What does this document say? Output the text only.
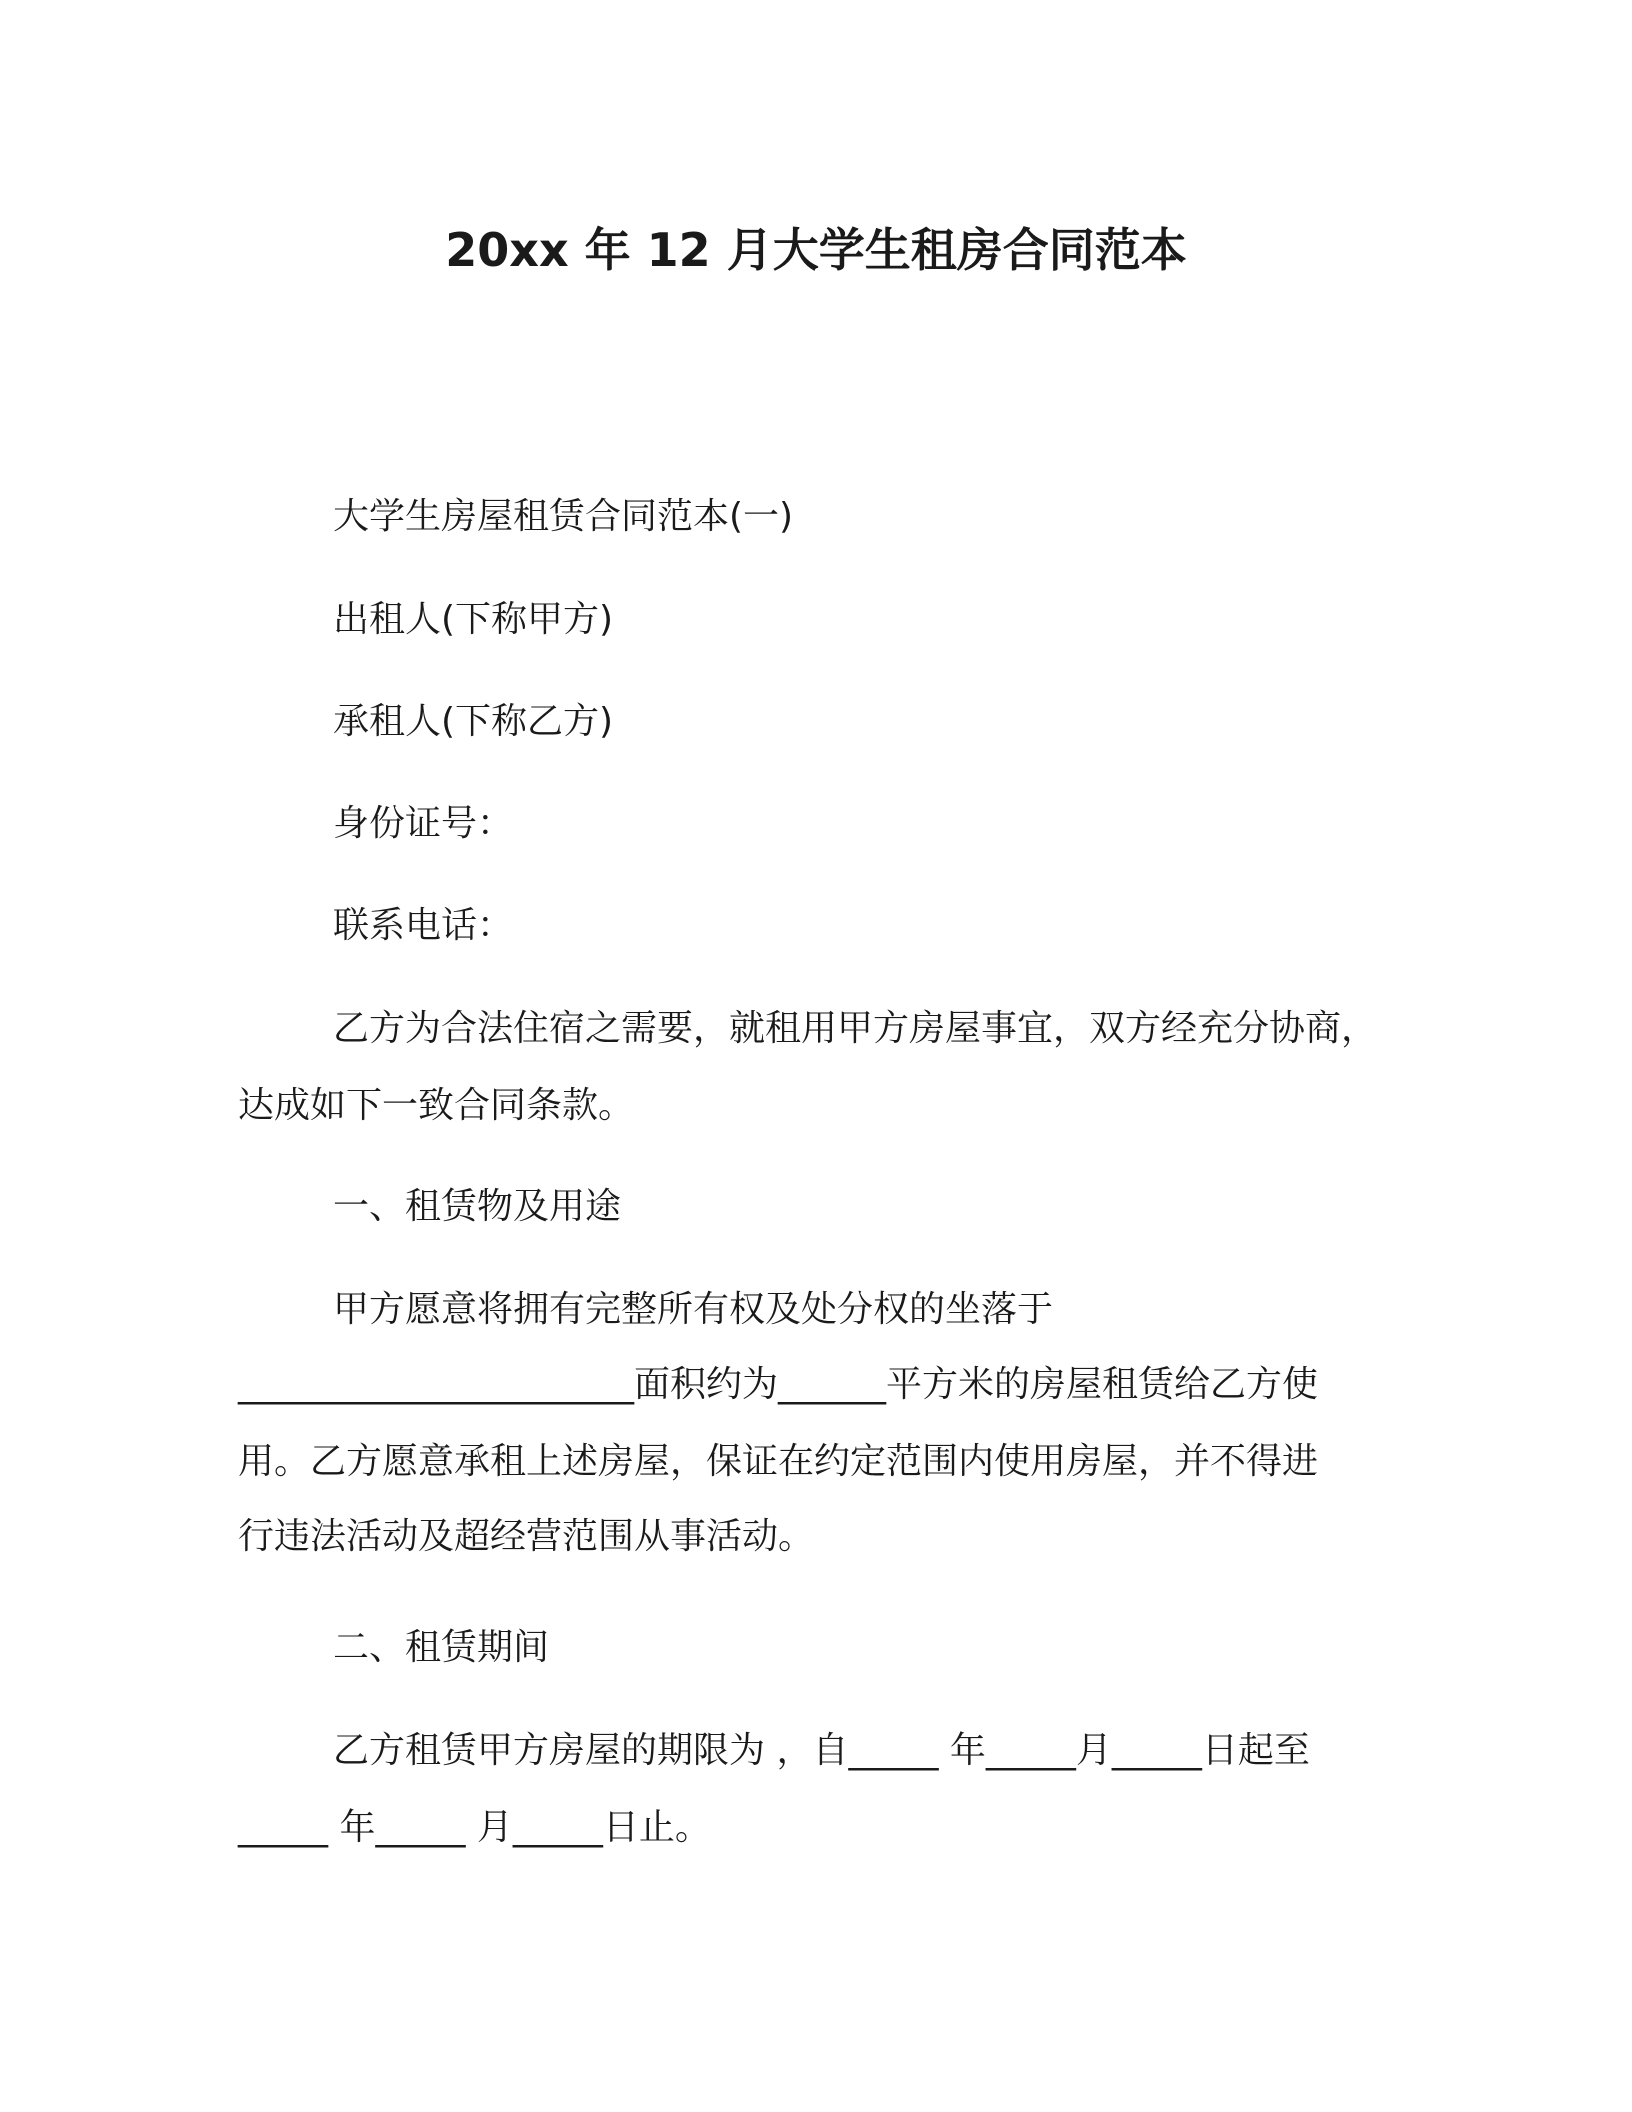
20xx 年 12 月大学生租房合同范本
大学生房屋租赁合同范本(一)
出租人(下称甲方)
承租人(下称乙方)
身份证号：
联系电话：
乙方为合法住宿之需要，就租用甲方房屋事宜，双方经充分协商，
达成如下一致合同条款。
一、租赁物及用途
甲方愿意将拥有完整所有权及处分权的坐落于
______________________面积约为______平方米的房屋租赁给乙方使
用。乙方愿意承租上述房屋，保证在约定范围内使用房屋，并不得进
行违法活动及超经营范围从事活动。
二、租赁期间
乙方租赁甲方房屋的期限为 ，自_____ 年_____月_____日起至
_____ 年_____ 月_____日止。
